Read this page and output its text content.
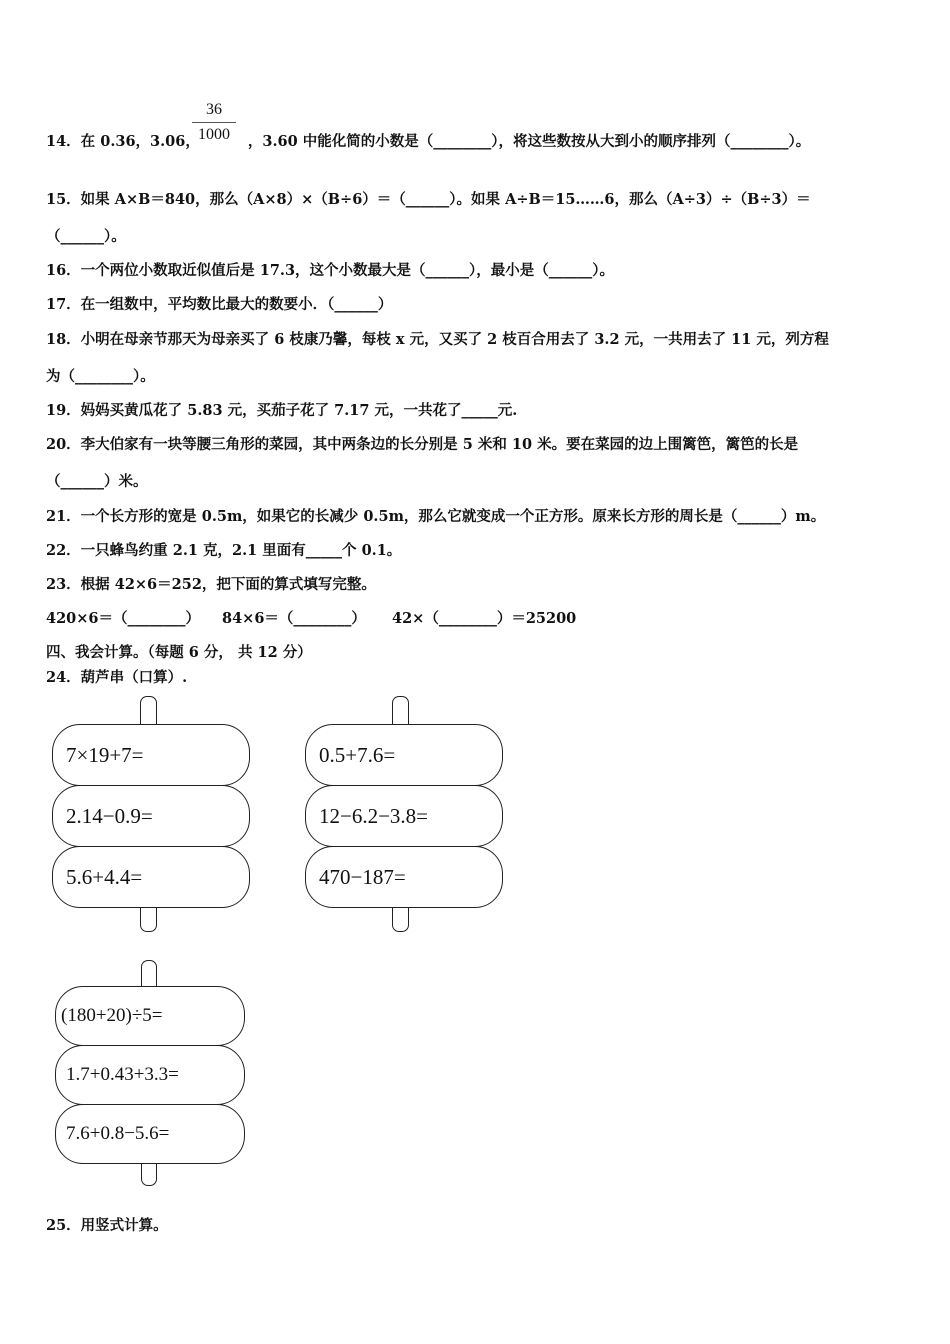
14．在 0.36，3.06，	，3.60 中能化简的小数是（________），将这些数按从大到小的顺序排列（________）。
36
1000
15．如果 A×B＝840，那么（A×8）×（B÷6）＝（______）。如果 A÷B＝15……6，那么（A÷3）÷（B÷3）＝
（______）。
16．一个两位小数取近似值后是 17.3，这个小数最大是（______），最小是（______）。
17．在一组数中，平均数比最大的数要小．（______）
18．小明在母亲节那天为母亲买了 6 枝康乃馨，每枝 x 元，又买了 2 枝百合用去了 3.2 元，一共用去了 11 元，列方程
为（________）。
19．妈妈买黄瓜花了 5.83 元，买茄子花了 7.17 元，一共花了_____元.
20．李大伯家有一块等腰三角形的菜园，其中两条边的长分别是 5 米和 10 米。要在菜园的边上围篱笆，篱笆的长是
（______）米。
21．一个长方形的宽是 0.5m，如果它的长减少 0.5m，那么它就变成一个正方形。原来长方形的周长是（______）m。
22．一只蜂鸟约重 2.1 克，2.1 里面有_____个 0.1。
23．根据 42×6＝252，把下面的算式填写完整。
420×6＝（________） 84×6＝（________） 42×（________）＝25200
四、我会计算。（每题 6 分， 共 12 分）
24．葫芦串（口算）.
7×19+7=
2.14−0.9=
5.6+4.4=
0.5+7.6=
12−6.2−3.8=
470−187=
(180+20)÷5=
1.7+0.43+3.3=
7.6+0.8−5.6=
25．用竖式计算。
